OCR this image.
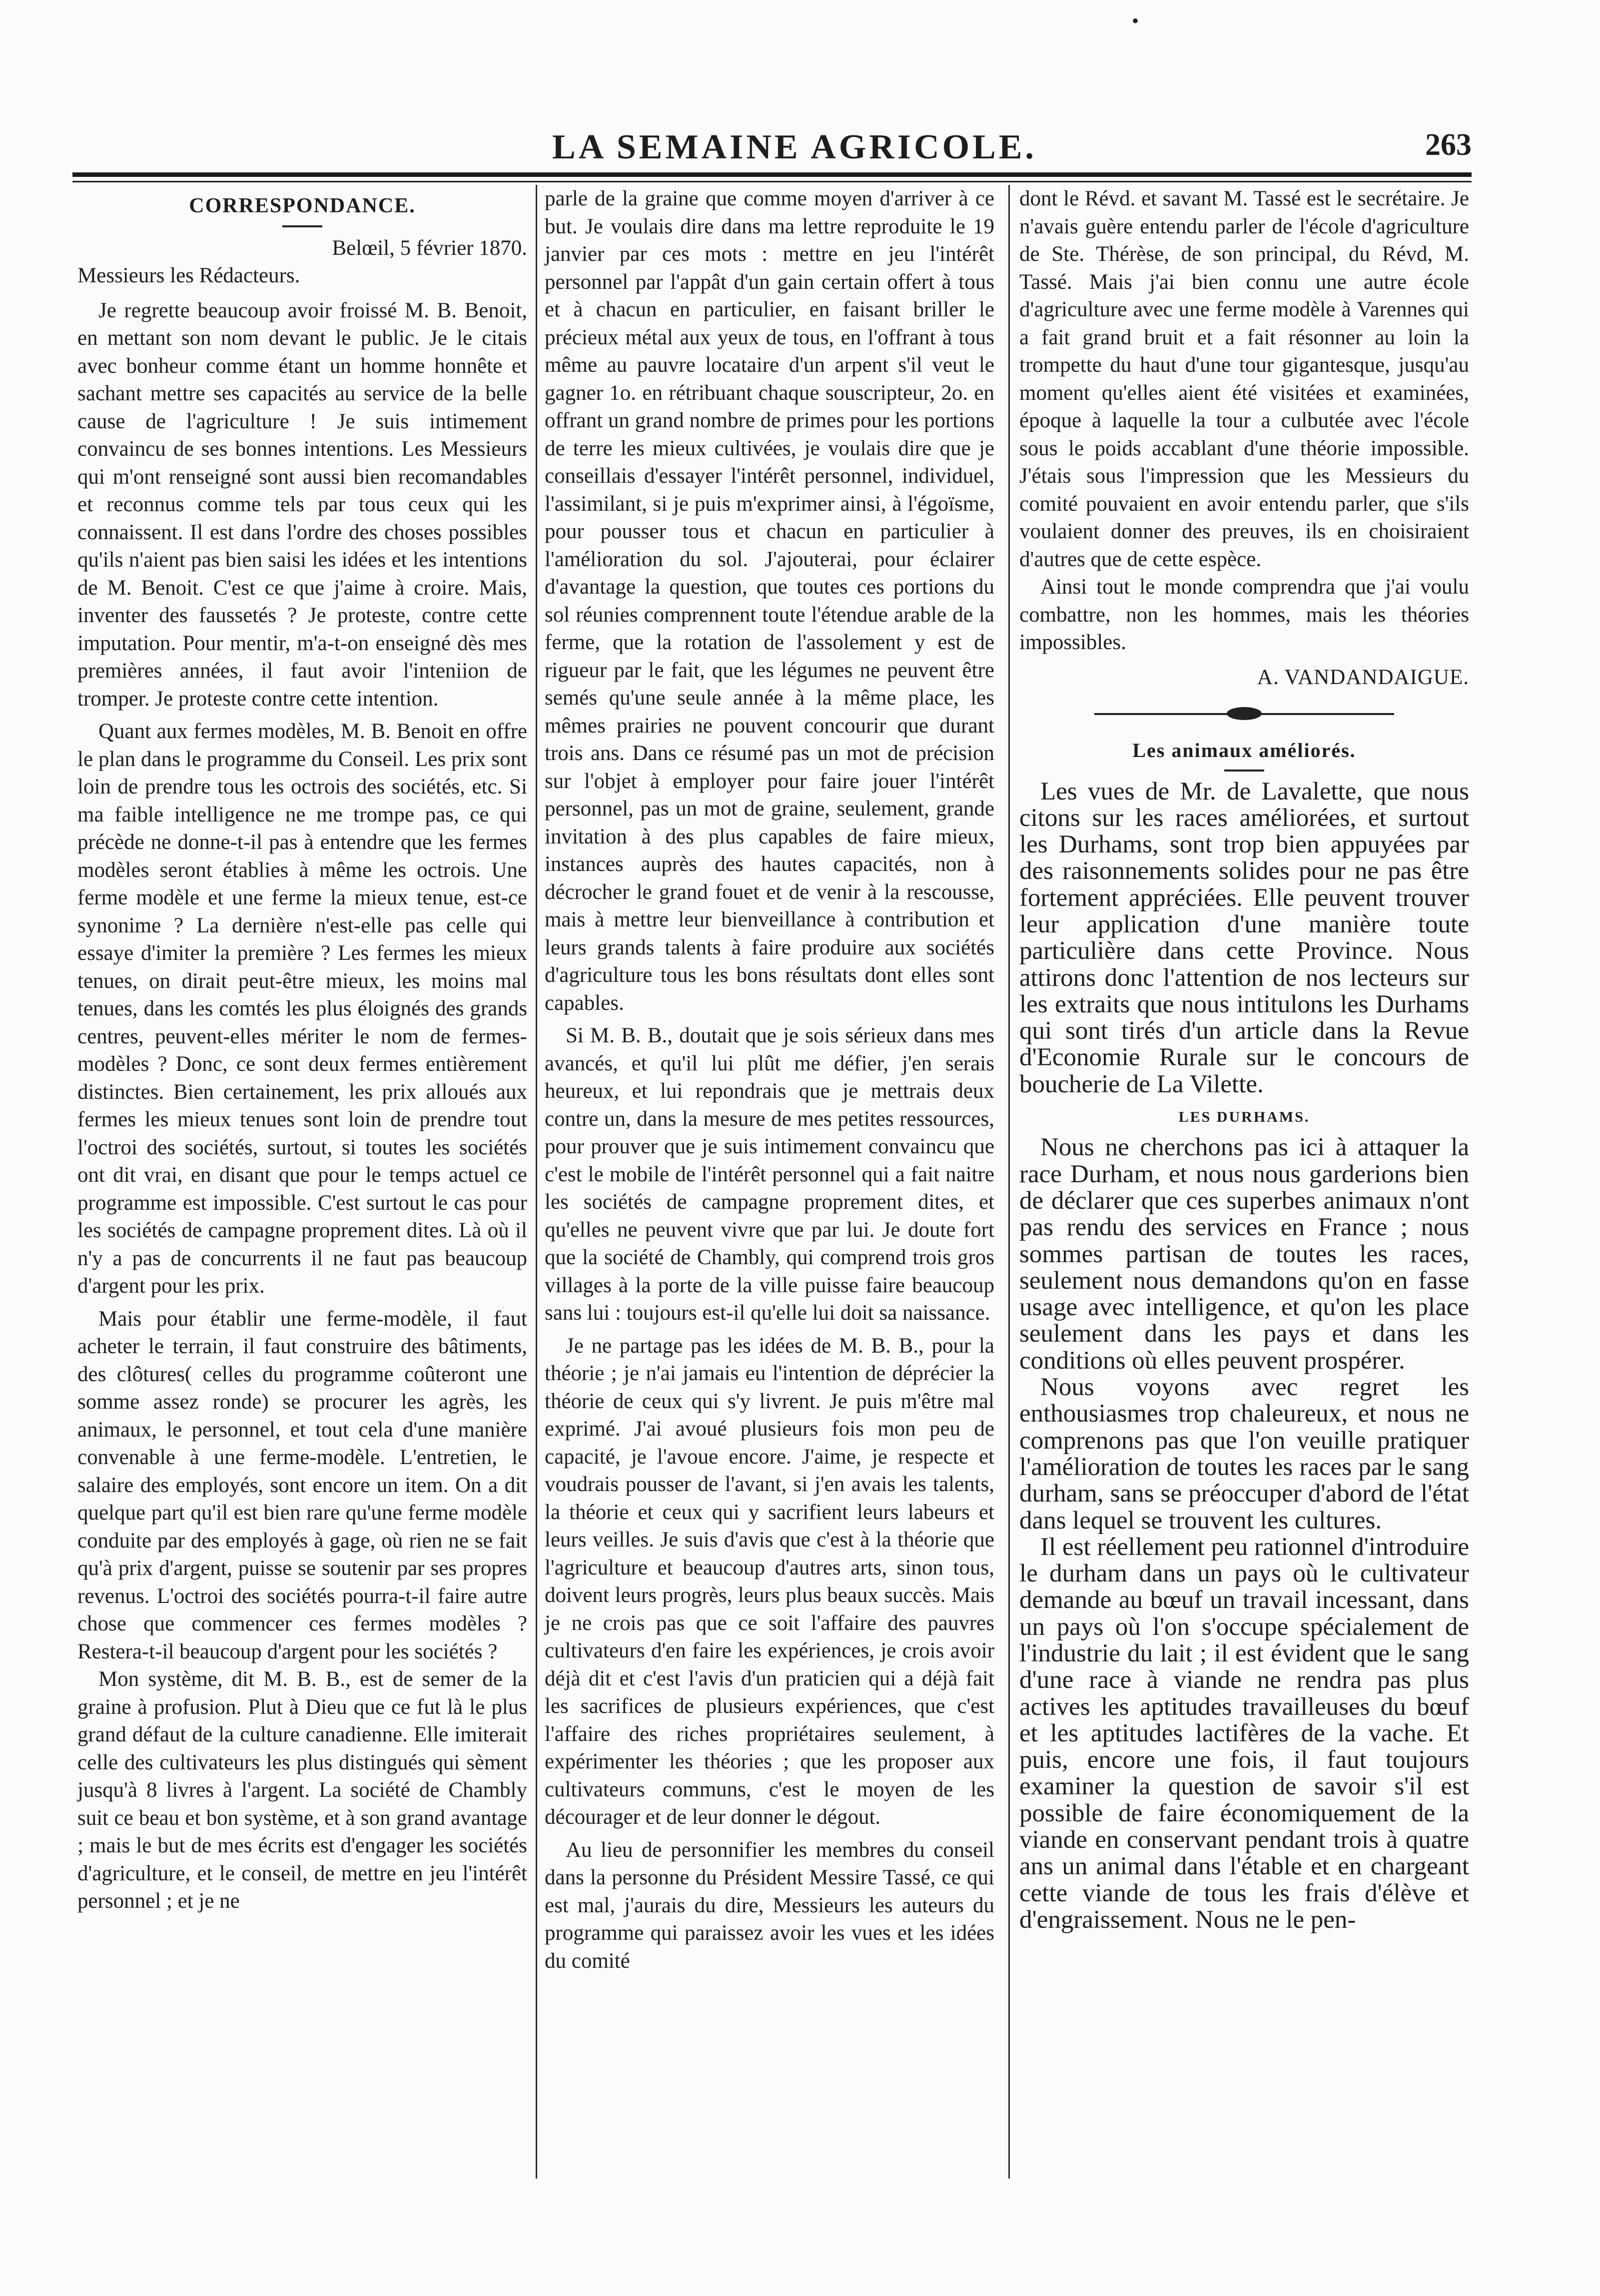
•
LA SEMAINE AGRICOLE.	263
CORRESPONDANCE.

Belœil, 5 février 1870.

Messieurs les Rédacteurs.

Je regrette beaucoup avoir froissé M. B. Benoit, en mettant son nom devant le public. Je le citais avec bonheur comme étant un homme honnête et sachant mettre ses capacités au service de la belle cause de l'agriculture ! Je suis intimement convaincu de ses bonnes intentions. Les Messieurs qui m'ont renseigné sont aussi bien recomandables et reconnus comme tels par tous ceux qui les connaissent. Il est dans l'ordre des choses possibles qu'ils n'aient pas bien saisi les idées et les intentions de M. Benoit. C'est ce que j'aime à croire. Mais, inventer des faussetés ? Je proteste, contre cette imputation. Pour mentir, m'a-t-on enseigné dès mes premières années, il faut avoir l'inteniion de tromper. Je proteste contre cette intention.

Quant aux fermes modèles, M. B. Benoit en offre le plan dans le programme du Conseil. Les prix sont loin de prendre tous les octrois des sociétés, etc. Si ma faible intelligence ne me trompe pas, ce qui précède ne donne-t-il pas à entendre que les fermes modèles seront établies à même les octrois. Une ferme modèle et une ferme la mieux tenue, est-ce synonime ? La dernière n'est-elle pas celle qui essaye d'imiter la première ? Les fermes les mieux tenues, on dirait peut-être mieux, les moins mal tenues, dans les comtés les plus éloignés des grands centres, peuvent-elles mériter le nom de fermes-modèles ? Donc, ce sont deux fermes entièrement distinctes. Bien certainement, les prix alloués aux fermes les mieux tenues sont loin de prendre tout l'octroi des sociétés, surtout, si toutes les sociétés ont dit vrai, en disant que pour le temps actuel ce programme est impossible. C'est surtout le cas pour les sociétés de campagne proprement dites. Là où il n'y a pas de concurrents il ne faut pas beaucoup d'argent pour les prix.

Mais pour établir une ferme-modèle, il faut acheter le terrain, il faut construire des bâtiments, des clôtures( celles du programme coûteront une somme assez ronde) se procurer les agrès, les animaux, le personnel, et tout cela d'une manière convenable à une ferme-modèle. L'entretien, le salaire des employés, sont encore un item. On a dit quelque part qu'il est bien rare qu'une ferme modèle conduite par des employés à gage, où rien ne se fait qu'à prix d'argent, puisse se soutenir par ses propres revenus. L'octroi des sociétés pourra-t-il faire autre chose que commencer ces fermes modèles ? Restera-t-il beaucoup d'argent pour les sociétés ?

Mon système, dit M. B. B., est de semer de la graine à profusion. Plut à Dieu que ce fut là le plus grand défaut de la culture canadienne. Elle imiterait celle des cultivateurs les plus distingués qui sèment jusqu'à 8 livres à l'argent. La société de Chambly suit ce beau et bon système, et à son grand avantage ; mais le but de mes écrits est d'engager les sociétés d'agriculture, et le conseil, de mettre en jeu l'intérêt personnel ; et je ne

parle de la graine que comme moyen d'arriver à ce but. Je voulais dire dans ma lettre reproduite le 19 janvier par ces mots : mettre en jeu l'intérêt personnel par l'appât d'un gain certain offert à tous et à chacun en particulier, en faisant briller le précieux métal aux yeux de tous, en l'offrant à tous même au pauvre locataire d'un arpent s'il veut le gagner 1o. en rétribuant chaque souscripteur, 2o. en offrant un grand nombre de primes pour les portions de terre les mieux cultivées, je voulais dire que je conseillais d'essayer l'intérêt personnel, individuel, l'assimilant, si je puis m'exprimer ainsi, à l'égoïsme, pour pousser tous et chacun en particulier à l'amélioration du sol. J'ajouterai, pour éclairer d'avantage la question, que toutes ces portions du sol réunies comprennent toute l'étendue arable de la ferme, que la rotation de l'assolement y est de rigueur par le fait, que les légumes ne peuvent être semés qu'une seule année à la même place, les mêmes prairies ne pouvent concourir que durant trois ans. Dans ce résumé pas un mot de précision sur l'objet à employer pour faire jouer l'intérêt personnel, pas un mot de graine, seulement, grande invitation à des plus capables de faire mieux, instances auprès des hautes capacités, non à décrocher le grand fouet et de venir à la rescousse, mais à mettre leur bienveillance à contribution et leurs grands talents à faire produire aux sociétés d'agriculture tous les bons résultats dont elles sont capables.

Si M. B. B., doutait que je sois sérieux dans mes avancés, et qu'il lui plût me défier, j'en serais heureux, et lui repondrais que je mettrais deux contre un, dans la mesure de mes petites ressources, pour prouver que je suis intimement convaincu que c'est le mobile de l'intérêt personnel qui a fait naitre les sociétés de campagne proprement dites, et qu'elles ne peuvent vivre que par lui. Je doute fort que la société de Chambly, qui comprend trois gros villages à la porte de la ville puisse faire beaucoup sans lui : toujours est-il qu'elle lui doit sa naissance.

Je ne partage pas les idées de M. B. B., pour la théorie ; je n'ai jamais eu l'intention de déprécier la théorie de ceux qui s'y livrent. Je puis m'être mal exprimé. J'ai avoué plusieurs fois mon peu de capacité, je l'avoue encore. J'aime, je respecte et voudrais pousser de l'avant, si j'en avais les talents, la théorie et ceux qui y sacrifient leurs labeurs et leurs veilles. Je suis d'avis que c'est à la théorie que l'agriculture et beaucoup d'autres arts, sinon tous, doivent leurs progrès, leurs plus beaux succès. Mais je ne crois pas que ce soit l'affaire des pauvres cultivateurs d'en faire les expériences, je crois avoir déjà dit et c'est l'avis d'un praticien qui a déjà fait les sacrifices de plusieurs expériences, que c'est l'affaire des riches propriétaires seulement, à expérimenter les théories ; que les proposer aux cultivateurs communs, c'est le moyen de les décourager et de leur donner le dégout.

Au lieu de personnifier les membres du conseil dans la personne du Président Messire Tassé, ce qui est mal, j'aurais du dire, Messieurs les auteurs du programme qui paraissez avoir les vues et les idées du comité

dont le Révd. et savant M. Tassé est le secrétaire. Je n'avais guère entendu parler de l'école d'agriculture de Ste. Thérèse, de son principal, du Révd, M. Tassé. Mais j'ai bien connu une autre école d'agriculture avec une ferme modèle à Varennes qui a fait grand bruit et a fait résonner au loin la trompette du haut d'une tour gigantesque, jusqu'au moment qu'elles aient été visitées et examinées, époque à laquelle la tour a culbutée avec l'école sous le poids accablant d'une théorie impossible. J'étais sous l'impression que les Messieurs du comité pouvaient en avoir entendu parler, que s'ils voulaient donner des preuves, ils en choisiraient d'autres que de cette espèce.

Ainsi tout le monde comprendra que j'ai voulu combattre, non les hommes, mais les théories impossibles.

A. VANDANDAIGUE.

Les animaux améliorés.

Les vues de Mr. de Lavalette, que nous citons sur les races améliorées, et surtout les Durhams, sont trop bien appuyées par des raisonnements solides pour ne pas être fortement appréciées. Elle peuvent trouver leur application d'une manière toute particulière dans cette Province. Nous attirons donc l'attention de nos lecteurs sur les extraits que nous intitulons les Durhams qui sont tirés d'un article dans la Revue d'Economie Rurale sur le concours de boucherie de La Vilette.

LES DURHAMS.

Nous ne cherchons pas ici à attaquer la race Durham, et nous nous garderions bien de déclarer que ces superbes animaux n'ont pas rendu des services en France ; nous sommes partisan de toutes les races, seulement nous demandons qu'on en fasse usage avec intelligence, et qu'on les place seulement dans les pays et dans les conditions où elles peuvent prospérer.

Nous voyons avec regret les enthousiasmes trop chaleureux, et nous ne comprenons pas que l'on veuille pratiquer l'amélioration de toutes les races par le sang durham, sans se préoccuper d'abord de l'état dans lequel se trouvent les cultures.

Il est réellement peu rationnel d'introduire le durham dans un pays où le cultivateur demande au bœuf un travail incessant, dans un pays où l'on s'occupe spécialement de l'industrie du lait ; il est évident que le sang d'une race à viande ne rendra pas plus actives les aptitudes travailleuses du bœuf et les aptitudes lactifères de la vache. Et puis, encore une fois, il faut toujours examiner la question de savoir s'il est possible de faire économiquement de la viande en conservant pendant trois à quatre ans un animal dans l'étable et en chargeant cette viande de tous les frais d'élève et d'engraissement. Nous ne le pen-
